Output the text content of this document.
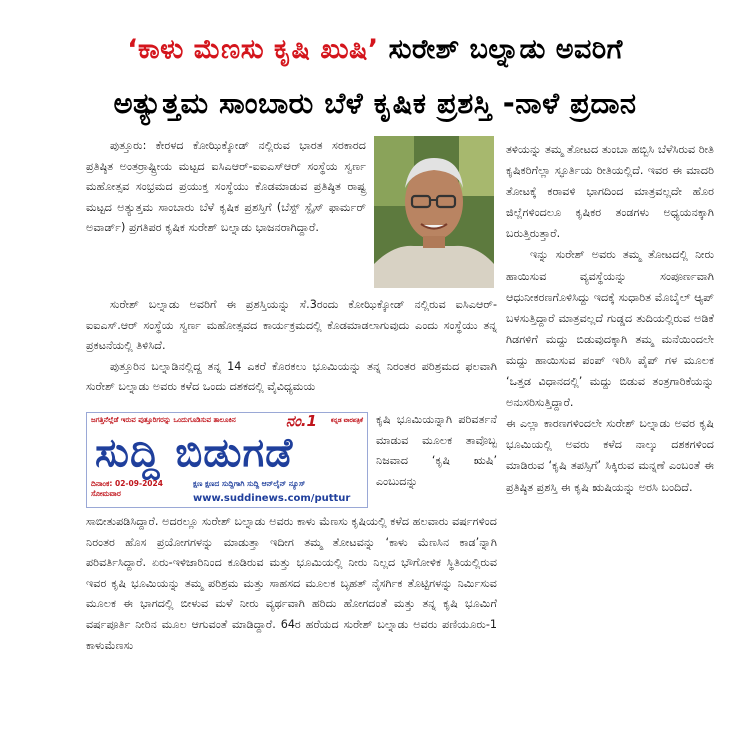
‘ಕಾಳು ಮೆಣಸು ಕೃಷಿ ಖುಷಿ’ ಸುರೇಶ್ ಬಲ್ನಾಡು ಅವರಿಗೆ
ಅತ್ಯುತ್ತಮ ಸಾಂಬಾರು ಬೆಳೆ ಕೃಷಿಕ ಪ್ರಶಸ್ತಿ -ನಾಳೆ ಪ್ರದಾನ

ಪುತ್ತೂರು: ಕೇರಳದ ಕೋಝಿಕ್ಕೋಡ್ ನಲ್ಲಿರುವ ಭಾರತ ಸರಕಾರದ ಪ್ರತಿಷ್ಠಿತ ಅಂತರ್ರಾಷ್ಟ್ರೀಯ ಮಟ್ಟದ ಐಸಿಎಆರ್-ಐಐಎಸ್‌ಆರ್ ಸಂಸ್ಥೆಯ ಸ್ವರ್ಣ ಮಹೋತ್ಸವ ಸಂಭ್ರಮದ ಪ್ರಯುಕ್ತ ಸಂಸ್ಥೆಯು ಕೊಡಮಾಡುವ ಪ್ರತಿಷ್ಠಿತ ರಾಷ್ಟ್ರ ಮಟ್ಟದ ಅತ್ಯುತ್ತಮ ಸಾಂಬಾರು ಬೆಳೆ ಕೃಷಿಕ ಪ್ರಶಸ್ತಿಗೆ (ಬೆಸ್ಟ್ ಸ್ಪೈಸ್ ಫಾರ್ಮರ್ ಅವಾರ್ಡ್) ಪ್ರಗತಿಪರ ಕೃಷಿಕ ಸುರೇಶ್ ಬಲ್ನಾಡು ಭಾಜನರಾಗಿದ್ದಾರೆ.

ಸುರೇಶ್ ಬಲ್ನಾಡು ಅವರಿಗೆ ಈ ಪ್ರಶಸ್ತಿಯನ್ನು ಸೆ.3ರಂದು ಕೋಝಿಕ್ಕೋಡ್ ನಲ್ಲಿರುವ ಐಸಿಎಆರ್-ಐಐಎಸ್.ಆರ್ ಸಂಸ್ಥೆಯ ಸ್ವರ್ಣ ಮಹೋತ್ಸವದ ಕಾರ್ಯಕ್ರಮದಲ್ಲಿ ಕೊಡಮಾಡಲಾಗುವುದು ಎಂದು ಸಂಸ್ಥೆಯು ತನ್ನ ಪ್ರಕಟನೆಯಲ್ಲಿ ತಿಳಿಸಿದೆ.

ಪುತ್ತೂರಿನ ಬಲ್ನಾಡಿನಲ್ಲಿದ್ದ ತನ್ನ 14 ಎಕರೆ ಕೊರಕಲು ಭೂಮಿಯನ್ನು ತನ್ನ ನಿರಂತರ ಪರಿಶ್ರಮದ ಫಲವಾಗಿ ಸುರೇಶ್ ಬಲ್ನಾಡು ಅವರು ಕಳೆದ ಒಂದು ದಶಕದಲ್ಲಿ ವೈವಿಧ್ಯಮಯ

ಜಗತ್ತಿನೆಲ್ಲೆಡೆ ಇರುವ ಪುತ್ತೂರಿಗರನ್ನು ಒಂದುಗೂಡಿಸುವ ತಾಲೂಕಿನ	ನಂ.1 ಕನ್ನಡ ವಾರಪತ್ರಿಕೆ
ಸುದ್ದಿ ಬಿಡುಗಡೆ
ದಿನಾಂಕ: 02-09-2024
ಸೋಮವಾರ
ಕ್ಷಣ ಕ್ಷಣದ ಸುದ್ದಿಗಾಗಿ ಸುದ್ದಿ ಆನ್‌ಲೈನ್ ನ್ಯೂಸ್
www.suddinews.com/puttur

ಕೃಷಿ ಭೂಮಿಯನ್ನಾಗಿ ಪರಿವರ್ತನೆ ಮಾಡುವ ಮೂಲಕ ತಾವೊಬ್ಬ ನಿಜವಾದ ‘ಕೃಷಿ ಋಷಿ’ ಎಂಬುದನ್ನು

ಸಾಬೀತುಪಡಿಸಿದ್ದಾರೆ. ಅದರಲ್ಲೂ ಸುರೇಶ್ ಬಲ್ನಾಡು ಅವರು ಕಾಳು ಮೆಣಸು ಕೃಷಿಯಲ್ಲಿ ಕಳೆದ ಹಲವಾರು ವರ್ಷಗಳಿಂದ ನಿರಂತರ ಹೊಸ ಪ್ರಯೋಗಗಳನ್ನು ಮಾಡುತ್ತಾ ಇದೀಗ ತಮ್ಮ ತೋಟವನ್ನು ‘ಕಾಳು ಮೆಣಸಿನ ಕಾಡ’ನ್ನಾಗಿ ಪರಿವರ್ತಿಸಿದ್ದಾರೆ. ಏರು-ಇಳಿಜಾರಿನಿಂದ ಕೂಡಿರುವ ಮತ್ತು ಭೂಮಿಯಲ್ಲಿ ನೀರು ನಿಲ್ಲದ ಭೌಗೋಳಿಕ ಸ್ಥಿತಿಯಲ್ಲಿರುವ ಇವರ ಕೃಷಿ ಭೂಮಿಯನ್ನು ತಮ್ಮ ಪರಿಶ್ರಮ ಮತ್ತು ಸಾಹಸದ ಮೂಲಕ ಬೃಹತ್ ನೈಸರ್ಗಿಕ ತೊಟ್ಟಿಗಳನ್ನು ನಿರ್ಮಿಸುವ ಮೂಲಕ ಈ ಭಾಗದಲ್ಲಿ ಬೀಳುವ ಮಳೆ ನೀರು ವ್ಯರ್ಥವಾಗಿ ಹರಿದು ಹೋಗದಂತೆ ಮತ್ತು ತನ್ನ ಕೃಷಿ ಭೂಮಿಗೆ ವರ್ಷಪೂರ್ತಿ ನೀರಿನ ಮೂಲ ಆಗುವಂತೆ ಮಾಡಿದ್ದಾರೆ. 64ರ ಹರೆಯದ ಸುರೇಶ್ ಬಲ್ನಾಡು ಅವರು ಪಣಿಯೂರು-1 ಕಾಳುಮೆಣಸು

ತಳಿಯನ್ನು ತಮ್ಮ ತೋಟದ ತುಂಬಾ ಹಬ್ಬಿಸಿ ಬೆಳೆಸಿರುವ ರೀತಿ ಕೃಷಿಕರಿಗೆಲ್ಲಾ ಸ್ಫೂರ್ತಿಯ ರೀತಿಯಲ್ಲಿದೆ. ಇವರ ಈ ಮಾದರಿ ತೋಟಕ್ಕೆ ಕರಾವಳಿ ಭಾಗದಿಂದ ಮಾತ್ರವಲ್ಲದೇ ಹೊರ ಜಿಲ್ಲೆಗಳಿಂದಲೂ ಕೃಷಿಕರ ತಂಡಗಳು ಅಧ್ಯಯನಕ್ಕಾಗಿ ಬರುತ್ತಿರುತ್ತಾರೆ.

ಇನ್ನು ಸುರೇಶ್ ಅವರು ತಮ್ಮ ತೋಟದಲ್ಲಿ ನೀರು ಹಾಯಿಸುವ ವ್ಯವಸ್ಥೆಯನ್ನು ಸಂಪೂರ್ಣವಾಗಿ ಆಧುನೀಕರಣಗೊಳಿಸಿದ್ದು ಇದಕ್ಕೆ ಸುಧಾರಿತ ಮೊಬೈಲ್ ಆ್ಯಪ್ ಬಳಸುತ್ತಿದ್ದಾರೆ ಮಾತ್ರವಲ್ಲದೆ ಗುಡ್ಡದ ತುದಿಯಲ್ಲಿರುವ ಅಡಿಕೆ ಗಿಡಗಳಿಗೆ ಮದ್ದು ಬಿಡುವುದಕ್ಕಾಗಿ ತಮ್ಮ ಮನೆಯಿಂದಲೇ ಮದ್ದು ಹಾಯಿಸುವ ಪಂಪ್ ಇರಿಸಿ ಪೈಪ್ ಗಳ ಮೂಲಕ ‘ಒತ್ತಡ ವಿಧಾನದಲ್ಲಿ’ ಮದ್ದು ಬಿಡುವ ತಂತ್ರಗಾರಿಕೆಯನ್ನು ಅನುಸರಿಸುತ್ತಿದ್ದಾರೆ.

ಈ ಎಲ್ಲಾ ಕಾರಣಗಳಿಂದಲೇ ಸುರೇಶ್ ಬಲ್ನಾಡು ಅವರ ಕೃಷಿ ಭೂಮಿಯಲ್ಲಿ ಅವರು ಕಳೆದ ನಾಲ್ಕು ದಶಕಗಳಿಂದ ಮಾಡಿರುವ ‘ಕೃಷಿ ತಪಸ್ಸಿಗೆ’ ಸಿಕ್ಕಿರುವ ಮನ್ನಣೆ ಎಂಬಂತೆ ಈ ಪ್ರತಿಷ್ಠಿತ ಪ್ರಶಸ್ತಿ ಈ ಕೃಷಿ ಋಷಿಯನ್ನು ಅರಸಿ ಬಂದಿದೆ.
